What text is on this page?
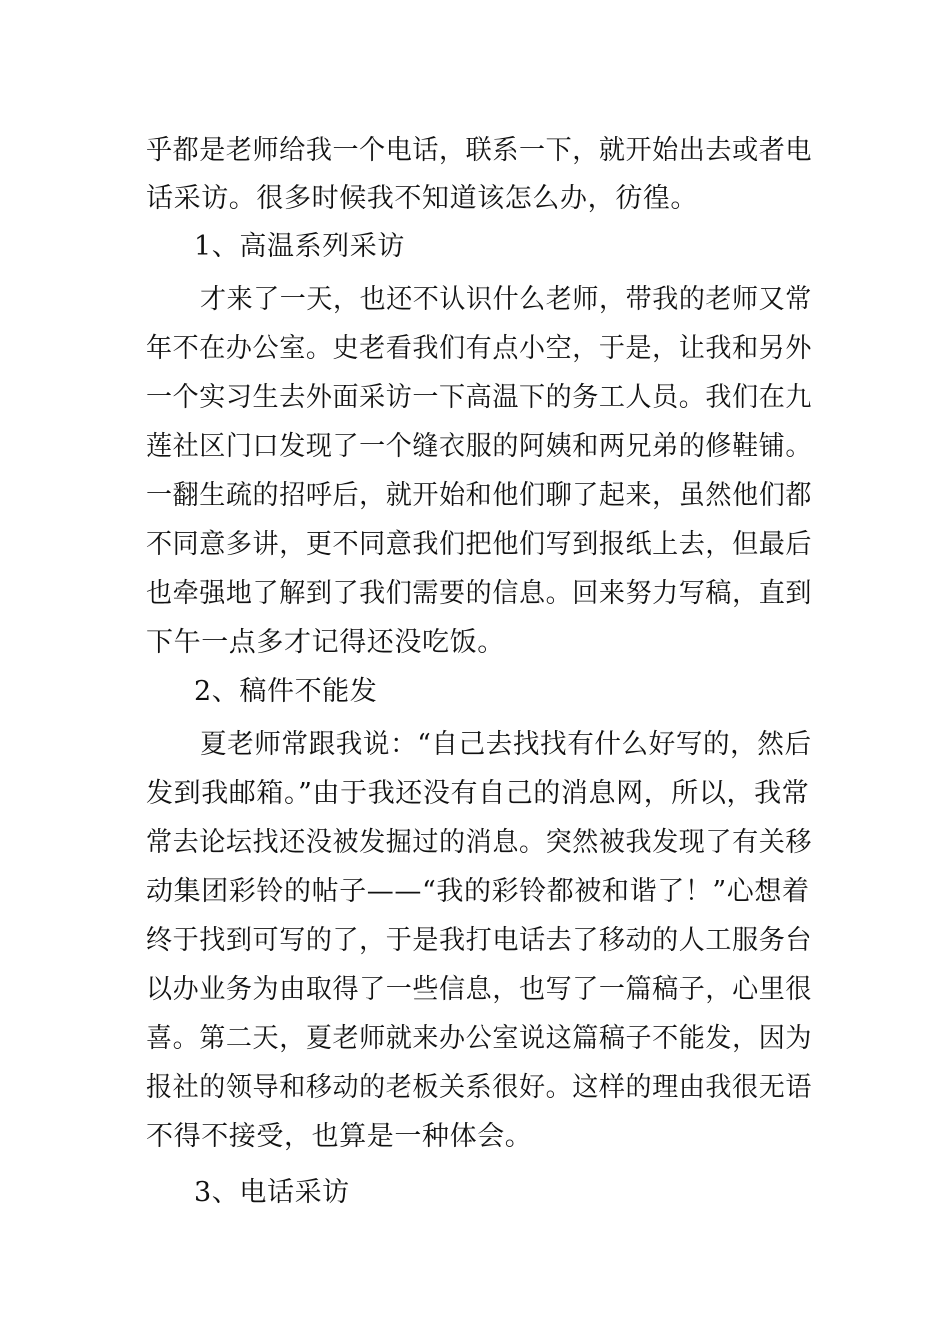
乎都是老师给我一个电话，联系一下，就开始出去或者电

话采访。很多时候我不知道该怎么办，彷徨。

1、高温系列采访

才来了一天，也还不认识什么老师，带我的老师又常

年不在办公室。史老看我们有点小空，于是，让我和另外

一个实习生去外面采访一下高温下的务工人员。我们在九

莲社区门口发现了一个缝衣服的阿姨和两兄弟的修鞋铺。

一翻生疏的招呼后，就开始和他们聊了起来，虽然他们都

不同意多讲，更不同意我们把他们写到报纸上去，但最后

也牵强地了解到了我们需要的信息。回来努力写稿，直到

下午一点多才记得还没吃饭。

2、稿件不能发

夏老师常跟我说：“自己去找找有什么好写的，然后

发到我邮箱。”由于我还没有自己的消息网，所以，我常

常去论坛找还没被发掘过的消息。突然被我发现了有关移

动集团彩铃的帖子——“我的彩铃都被和谐了！”心想着

终于找到可写的了，于是我打电话去了移动的人工服务台

以办业务为由取得了一些信息，也写了一篇稿子，心里很

喜。第二天，夏老师就来办公室说这篇稿子不能发，因为

报社的领导和移动的老板关系很好。这样的理由我很无语

不得不接受，也算是一种体会。

3、电话采访
